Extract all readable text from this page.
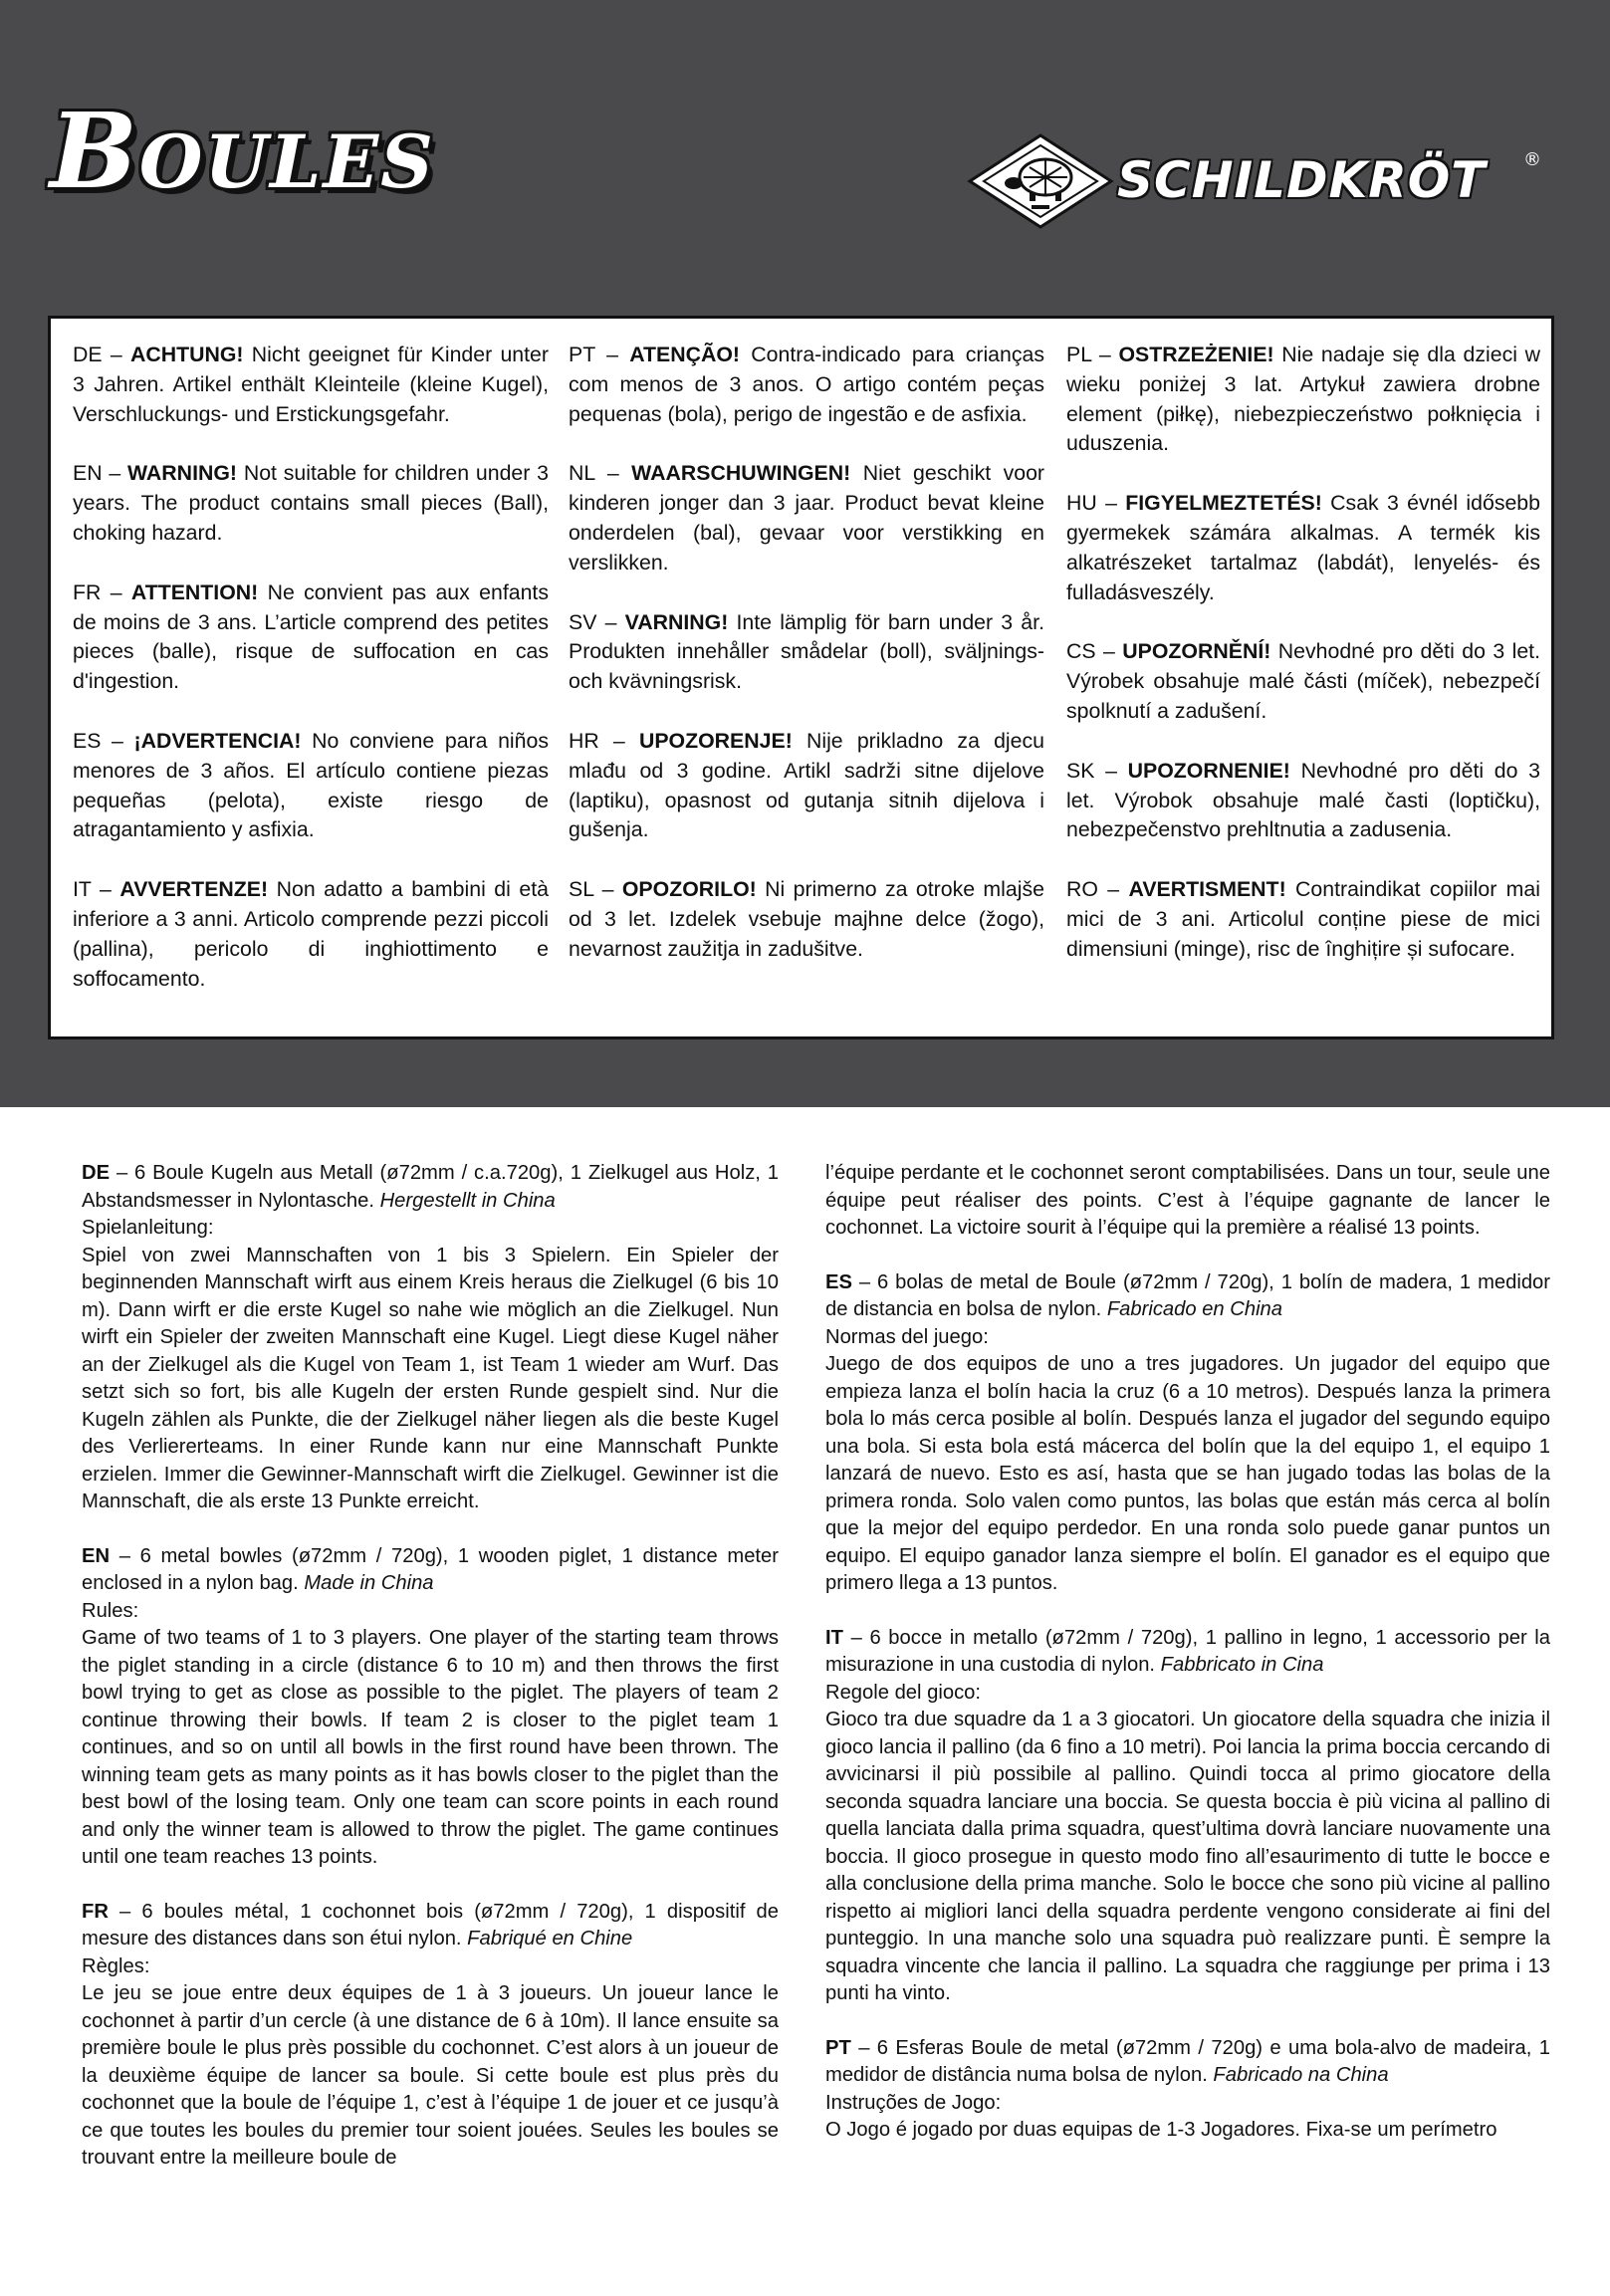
Boules	SCHILDKRÖT ®

DE – ACHTUNG! Nicht geeignet für Kinder unter 3 Jahren. Artikel enthält Kleinteile (kleine Kugel), Verschluckungs- und Erstickungsgefahr.

EN – WARNING! Not suitable for children under 3 years. The product contains small pieces (Ball), choking hazard.

FR – ATTENTION! Ne convient pas aux enfants de moins de 3 ans. L’article comprend des petites pieces (balle), risque de suffocation en cas d'ingestion.

ES – ¡ADVERTENCIA! No conviene para niños menores de 3 años. El artículo contiene piezas pequeñas (pelota), existe riesgo de atragantamiento y asfixia.

IT – AVVERTENZE! Non adatto a bambini di età inferiore a 3 anni. Articolo comprende pezzi piccoli (pallina), pericolo di inghiottimento e soffocamento.

PT – ATENÇÃO! Contra-indicado para crianças com menos de 3 anos. O artigo contém peças pequenas (bola), perigo de ingestão e de asfixia.

NL – WAARSCHUWINGEN! Niet geschikt voor kinderen jonger dan 3 jaar. Product bevat kleine onderdelen (bal), gevaar voor verstikking en verslikken.

SV – VARNING! Inte lämplig för barn under 3 år. Produkten innehåller smådelar (boll), sväljnings- och kvävningsrisk.

HR – UPOZORENJE! Nije prikladno za djecu mlađu od 3 godine. Artikl sadrži sitne dijelove (laptiku), opasnost od gutanja sitnih dijelova i gušenja.

SL – OPOZORILO! Ni primerno za otroke mlajše od 3 let. Izdelek vsebuje majhne delce (žogo), nevarnost zaužitja in zadušitve.

PL – OSTRZEŻENIE! Nie nadaje się dla dzieci w wieku poniżej 3 lat. Artykuł zawiera drobne element (piłkę), niebezpieczeństwo połknięcia i uduszenia.

HU – FIGYELMEZTETÉS! Csak 3 évnél idősebb gyermekek számára alkalmas. A termék kis alkatrészeket tartalmaz (labdát), lenyelés- és fulladásveszély.

CS – UPOZORNĚNÍ! Nevhodné pro děti do 3 let. Výrobek obsahuje malé části (míček), nebezpečí spolknutí a zadušení.

SK – UPOZORNENIE! Nevhodné pro děti do 3 let. Výrobok obsahuje malé časti (loptičku), nebezpečenstvo prehltnutia a zadusenia.

RO – AVERTISMENT! Contraindikat copiilor mai mici de 3 ani. Articolul conține piese de mici dimensiuni (minge), risc de înghițire și sufocare.

DE – 6 Boule Kugeln aus Metall (ø72mm / c.a.720g), 1 Zielkugel aus Holz, 1 Abstandsmesser in Nylontasche. Hergestellt in China

Spielanleitung:

Spiel von zwei Mannschaften von 1 bis 3 Spielern. Ein Spieler der beginnenden Mannschaft wirft aus einem Kreis heraus die Zielkugel (6 bis 10 m). Dann wirft er die erste Kugel so nahe wie möglich an die Zielkugel. Nun wirft ein Spieler der zweiten Mannschaft eine Kugel. Liegt diese Kugel näher an der Zielkugel als die Kugel von Team 1, ist Team 1 wieder am Wurf. Das setzt sich so fort, bis alle Kugeln der ersten Runde gespielt sind. Nur die Kugeln zählen als Punkte, die der Zielkugel näher liegen als die beste Kugel des Verliererteams. In einer Runde kann nur eine Mannschaft Punkte erzielen. Immer die Gewinner-Mannschaft wirft die Zielkugel. Gewinner ist die Mannschaft, die als erste 13 Punkte erreicht.

EN – 6 metal bowles (ø72mm / 720g), 1 wooden piglet, 1 distance meter enclosed in a nylon bag. Made in China

Rules:

Game of two teams of 1 to 3 players. One player of the starting team throws the piglet standing in a circle (distance 6 to 10 m) and then throws the first bowl trying to get as close as possible to the piglet. The players of team 2 continue throwing their bowls. If team 2 is closer to the piglet team 1 continues, and so on until all bowls in the first round have been thrown. The winning team gets as many points as it has bowls closer to the piglet than the best bowl of the losing team. Only one team can score points in each round and only the winner team is allowed to throw the piglet. The game continues until one team reaches 13 points.

FR – 6 boules métal, 1 cochonnet bois (ø72mm / 720g), 1 dispositif de mesure des distances dans son étui nylon. Fabriqué en Chine

Règles:

Le jeu se joue entre deux équipes de 1 à 3 joueurs. Un joueur lance le cochonnet à partir d’un cercle (à une distance de 6 à 10m). Il lance ensuite sa première boule le plus près possible du cochonnet. C’est alors à un joueur de la deuxième équipe de lancer sa boule. Si cette boule est plus près du cochonnet que la boule de l’équipe 1, c’est à l’équipe 1 de jouer et ce jusqu’à ce que toutes les boules du premier tour soient jouées. Seules les boules se trouvant entre la meilleure boule de

l’équipe perdante et le cochonnet seront comptabilisées. Dans un tour, seule une équipe peut réaliser des points. C’est à l’équipe gagnante de lancer le cochonnet. La victoire sourit à l’équipe qui la première a réalisé 13 points.

ES – 6 bolas de metal de Boule (ø72mm / 720g), 1 bolín de madera, 1 medidor de distancia en bolsa de nylon. Fabricado en China

Normas del juego:

Juego de dos equipos de uno a tres jugadores. Un jugador del equipo que empieza lanza el bolín hacia la cruz (6 a 10 metros). Después lanza la primera bola lo más cerca posible al bolín. Después lanza el jugador del segundo equipo una bola. Si esta bola está mácerca del bolín que la del equipo 1, el equipo 1 lanzará de nuevo. Esto es así, hasta que se han jugado todas las bolas de la primera ronda. Solo valen como puntos, las bolas que están más cerca al bolín que la mejor del equipo perdedor. En una ronda solo puede ganar puntos un equipo. El equipo ganador lanza siempre el bolín. El ganador es el equipo que primero llega a 13 puntos.

IT – 6 bocce in metallo (ø72mm / 720g), 1 pallino in legno, 1 accessorio per la misurazione in una custodia di nylon. Fabbricato in Cina

Regole del gioco:

Gioco tra due squadre da 1 a 3 giocatori. Un giocatore della squadra che inizia il gioco lancia il pallino (da 6 fino a 10 metri). Poi lancia la prima boccia cercando di avvicinarsi il più possibile al pallino. Quindi tocca al primo giocatore della seconda squadra lanciare una boccia. Se questa boccia è più vicina al pallino di quella lanciata dalla prima squadra, quest’ultima dovrà lanciare nuovamente una boccia. Il gioco prosegue in questo modo fino all’esaurimento di tutte le bocce e alla conclusione della prima manche. Solo le bocce che sono più vicine al pallino rispetto ai migliori lanci della squadra perdente vengono considerate ai fini del punteggio. In una manche solo una squadra può realizzare punti. È sempre la squadra vincente che lancia il pallino. La squadra che raggiunge per prima i 13 punti ha vinto.

PT – 6 Esferas Boule de metal (ø72mm / 720g) e uma bola-alvo de madeira, 1 medidor de distância numa bolsa de nylon. Fabricado na China

Instruções de Jogo:

O Jogo é jogado por duas equipas de 1-3 Jogadores. Fixa-se um perímetro
